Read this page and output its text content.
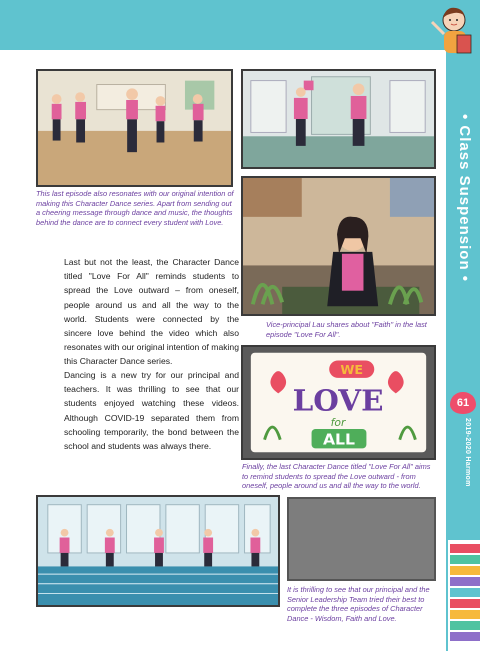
• Class Suspension •
61
2019-2020 Harmom

This last episode also resonates with our original intention of making this Character Dance series. Apart from sending out a cheering message through dance and music, the thoughts behind the dance are to connect every student with Love.

Last but not the least, the Character Dance titled "Love For All" reminds students to spread the Love outward – from oneself, people around us and all the way to the world. Students were connected by the sincere love behind the video which also resonates with our original intention of making this Character Dance series.

Vice-principal Lau shares about "Faith" in the last episode "Love For All".

WE
LOVE
for
ALL

Dancing is a new try for our principal and teachers. It was thrilling to see that our students enjoyed watching these videos. Although COVID-19 separated them from schooling temporarily, the bond between the school and students was always there.

Finally, the last Character Dance titled "Love For All" aims to remind students to spread the Love outward - from oneself, people around us and all the way to the world.

It is thrilling to see that our principal and the Senior Leadership Team tried their best to complete the three episodes of Character Dance - Wisdom, Faith and Love.
